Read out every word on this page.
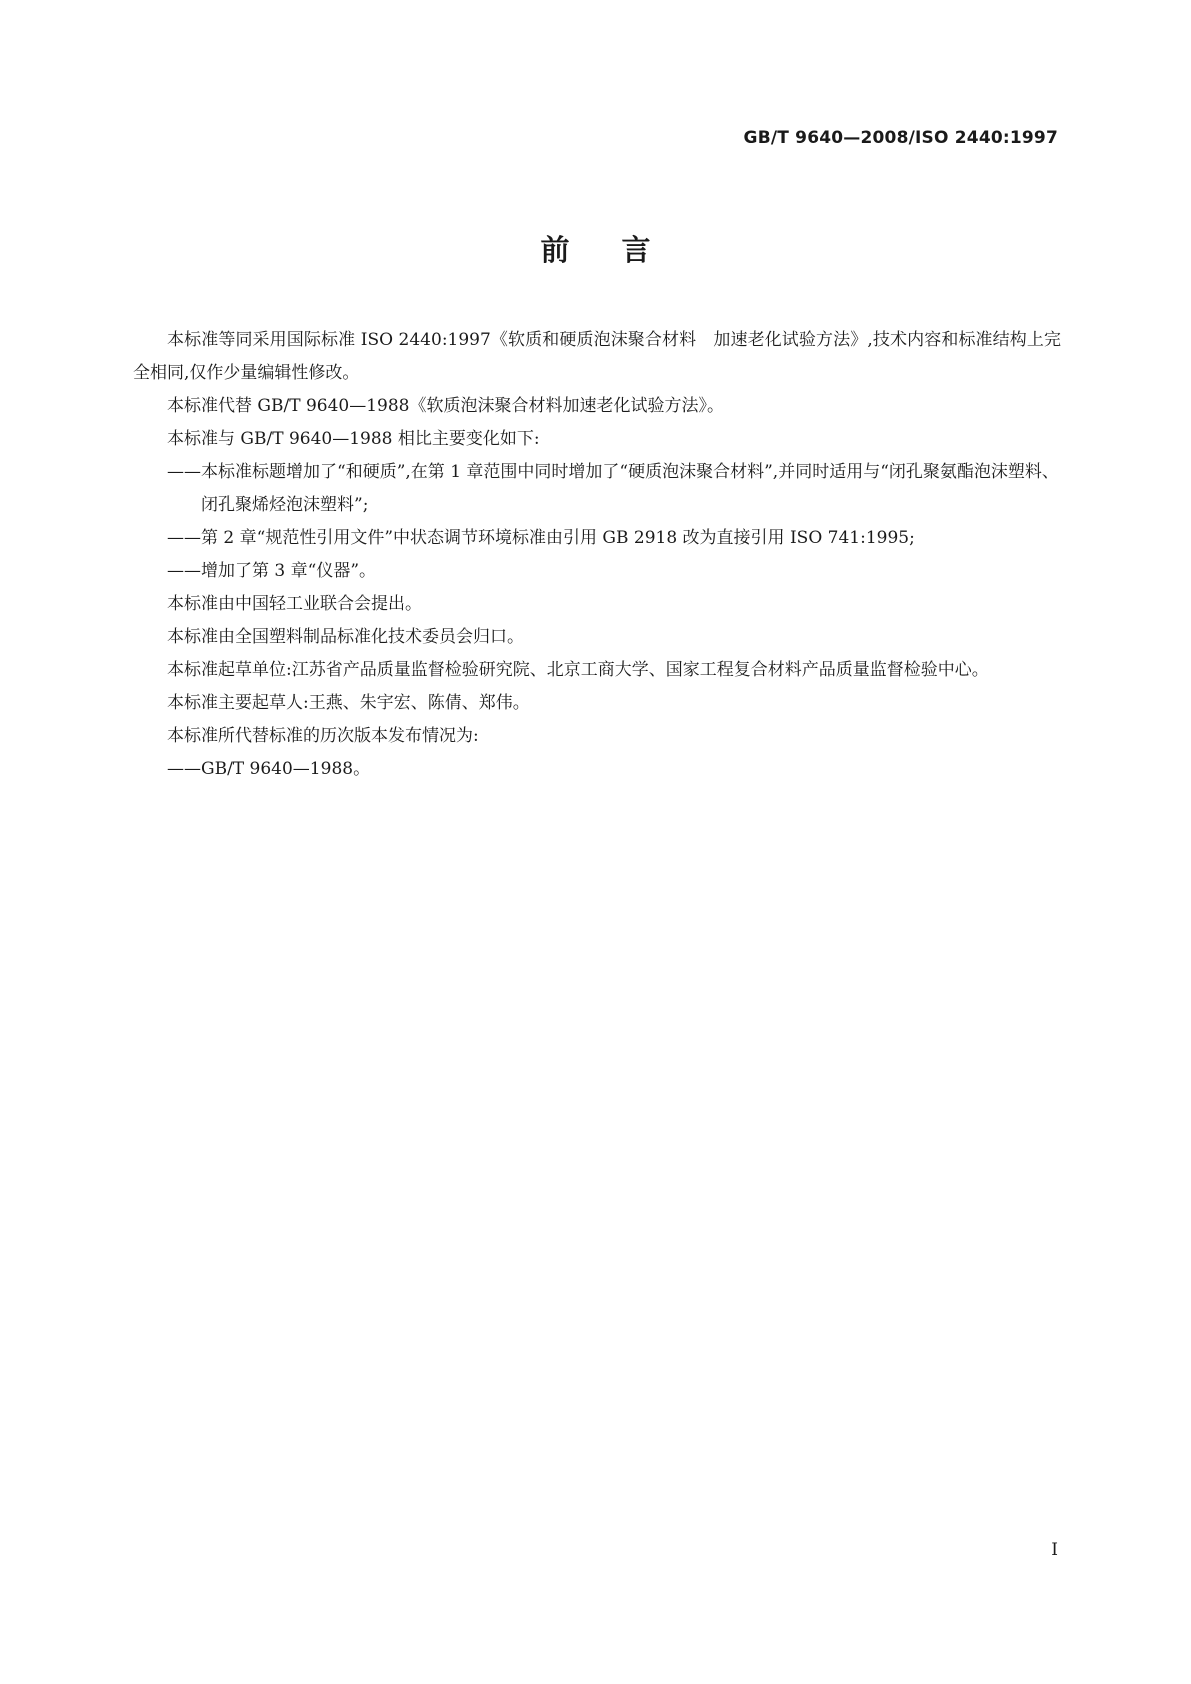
GB/T 9640—2008/ISO 2440:1997
前言

本标准等同采用国际标准 ISO 2440:1997《软质和硬质泡沫聚合材料　加速老化试验方法》,技术内容和标准结构上完全相同,仅作少量编辑性修改。

本标准代替 GB/T 9640—1988《软质泡沫聚合材料加速老化试验方法》。

本标准与 GB/T 9640—1988 相比主要变化如下:

——本标准标题增加了“和硬质”,在第 1 章范围中同时增加了“硬质泡沫聚合材料”,并同时适用与“闭孔聚氨酯泡沫塑料、闭孔聚烯烃泡沫塑料”;

——第 2 章“规范性引用文件”中状态调节环境标准由引用 GB 2918 改为直接引用 ISO 741:1995;

——增加了第 3 章“仪器”。

本标准由中国轻工业联合会提出。

本标准由全国塑料制品标准化技术委员会归口。

本标准起草单位:江苏省产品质量监督检验研究院、北京工商大学、国家工程复合材料产品质量监督检验中心。

本标准主要起草人:王燕、朱宇宏、陈倩、郑伟。

本标准所代替标准的历次版本发布情况为:

——GB/T 9640—1988。

I
